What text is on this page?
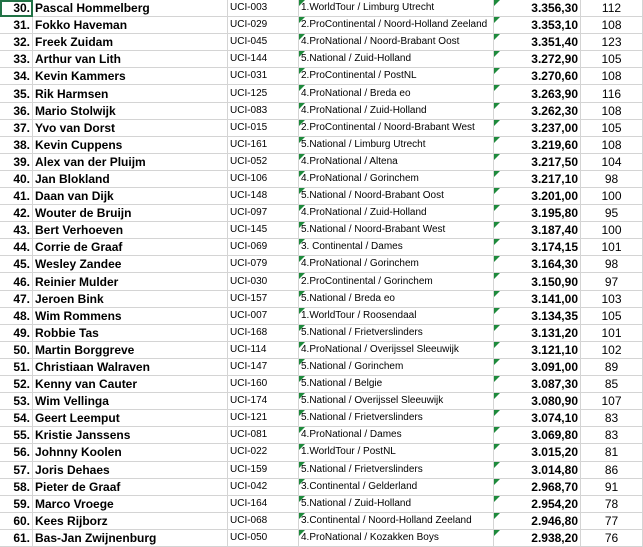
30.	Pascal Hommelberg	UCI-003	1.WorldTour / Limburg Utrecht	3.356,30	112
31.	Fokko Haveman	UCI-029	2.ProContinental / Noord-Holland Zeeland	3.353,10	108
32.	Freek Zuidam	UCI-045	4.ProNational / Noord-Brabant Oost	3.351,40	123
33.	Arthur van Lith	UCI-144	5.National / Zuid-Holland	3.272,90	105
34.	Kevin Kammers	UCI-031	2.ProContinental / PostNL	3.270,60	108
35.	Rik Harmsen	UCI-125	4.ProNational / Breda eo	3.263,90	116
36.	Mario Stolwijk	UCI-083	4.ProNational / Zuid-Holland	3.262,30	108
37.	Yvo van Dorst	UCI-015	2.ProContinental / Noord-Brabant West	3.237,00	105
38.	Kevin Cuppens	UCI-161	5.National / Limburg Utrecht	3.219,60	108
39.	Alex van der Pluijm	UCI-052	4.ProNational / Altena	3.217,50	104
40.	Jan Blokland	UCI-106	4.ProNational / Gorinchem	3.217,10	98
41.	Daan van Dijk	UCI-148	5.National / Noord-Brabant Oost	3.201,00	100
42.	Wouter de Bruijn	UCI-097	4.ProNational / Zuid-Holland	3.195,80	95
43.	Bert Verhoeven	UCI-145	5.National / Noord-Brabant West	3.187,40	100
44.	Corrie de Graaf	UCI-069	3. Continental / Dames	3.174,15	101
45.	Wesley Zandee	UCI-079	4.ProNational / Gorinchem	3.164,30	98
46.	Reinier Mulder	UCI-030	2.ProContinental / Gorinchem	3.150,90	97
47.	Jeroen Bink	UCI-157	5.National / Breda eo	3.141,00	103
48.	Wim Rommens	UCI-007	1.WorldTour / Roosendaal	3.134,35	105
49.	Robbie Tas	UCI-168	5.National / Frietverslinders	3.131,20	101
50.	Martin Borggreve	UCI-114	4.ProNational / Overijssel Sleeuwijk	3.121,10	102
51.	Christiaan Walraven	UCI-147	5.National / Gorinchem	3.091,00	89
52.	Kenny van Cauter	UCI-160	5.National / Belgie	3.087,30	85
53.	Wim Vellinga	UCI-174	5.National / Overijssel Sleeuwijk	3.080,90	107
54.	Geert Leemput	UCI-121	5.National / Frietverslinders	3.074,10	83
55.	Kristie Janssens	UCI-081	4.ProNational / Dames	3.069,80	83
56.	Johnny Koolen	UCI-022	1.WorldTour / PostNL	3.015,20	81
57.	Joris Dehaes	UCI-159	5.National / Frietverslinders	3.014,80	86
58.	Pieter de Graaf	UCI-042	3.Continental / Gelderland	2.968,70	91
59.	Marco Vroege	UCI-164	5.National / Zuid-Holland	2.954,20	78
60.	Kees Rijborz	UCI-068	3.Continental / Noord-Holland Zeeland	2.946,80	77
61.	Bas-Jan Zwijnenburg	UCI-050	4.ProNational / Kozakken Boys	2.938,20	76
